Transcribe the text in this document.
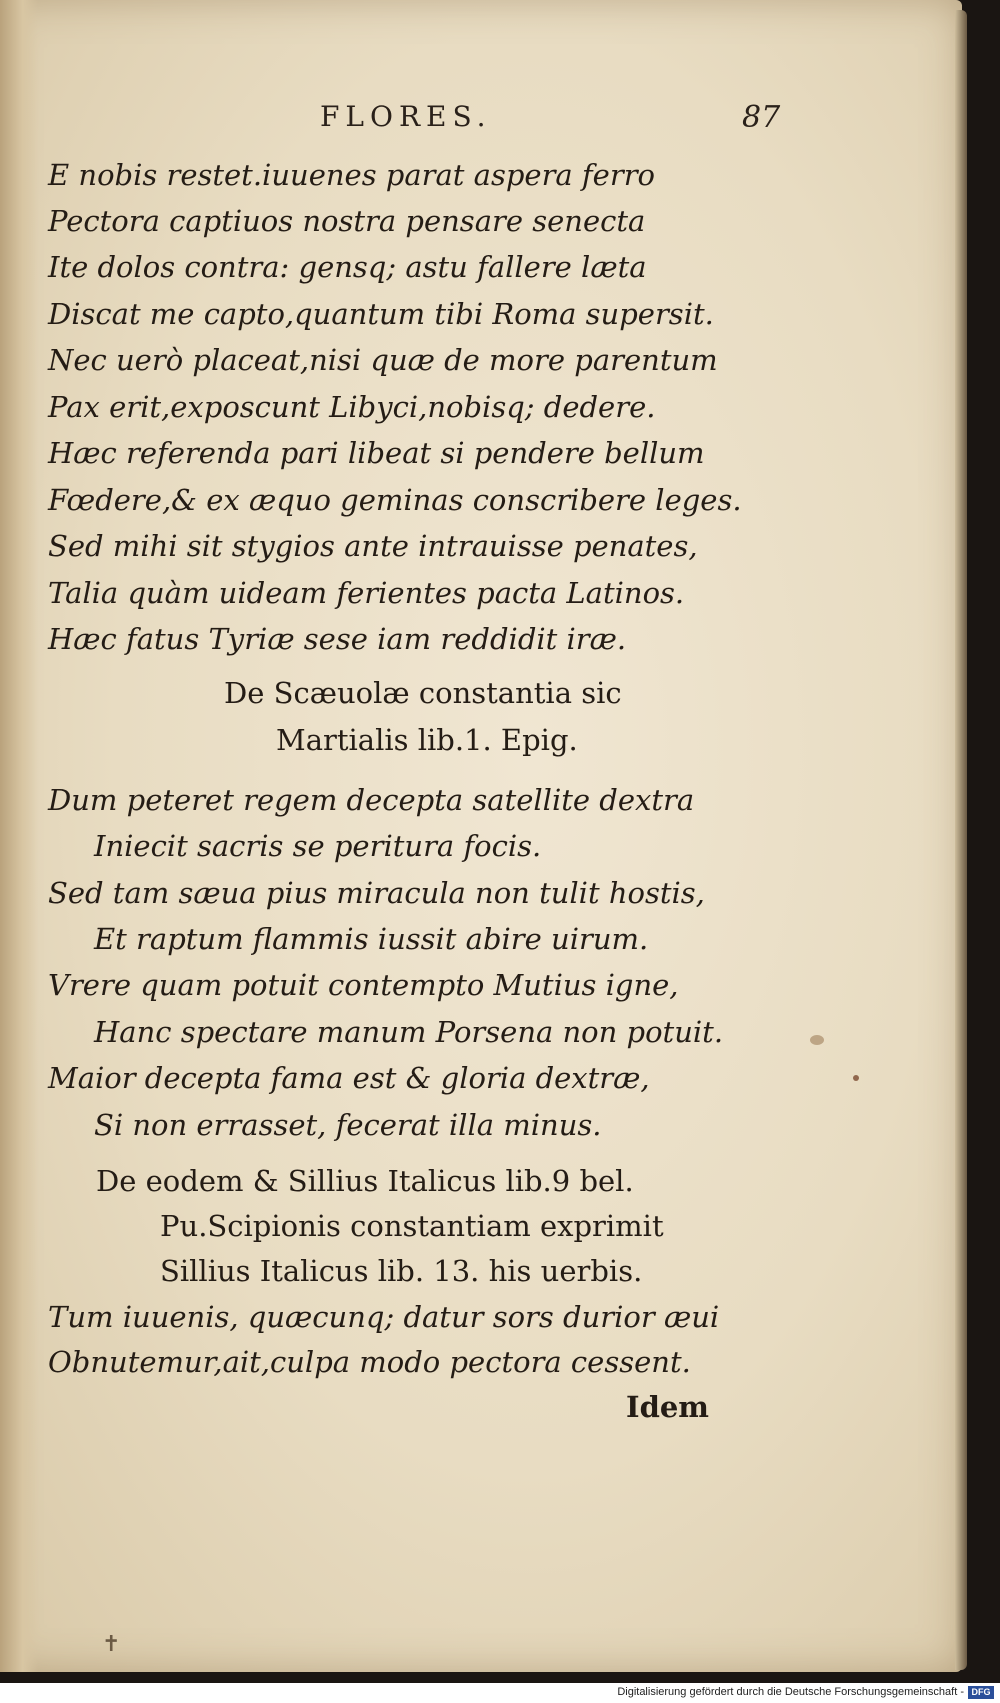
FLORES.	87
E nobis restet.iuuenes parat aspera ferro
Pectora captiuos nostra pensare senecta
Ite dolos contra: gensq; astu fallere læta
Discat me capto,quantum tibi Roma supersit.
Nec uerò placeat,nisi quæ de more parentum
Pax erit,exposcunt Libyci,nobisq; dedere.
Hæc referenda pari libeat si pendere bellum
Fœdere,& ex æquo geminas conscribere leges.
Sed mihi sit stygios ante intrauisse penates,
Talia quàm uideam ferientes pacta Latinos.
Hæc fatus Tyriæ sese iam reddidit iræ.
De Scæuolæ constantia sic
Martialis lib.1. Epig.
Dum peteret regem decepta satellite dextra
Iniecit sacris se peritura focis.
Sed tam sæua pius miracula non tulit hostis,
Et raptum flammis iussit abire uirum.
Vrere quam potuit contempto Mutius igne,
Hanc spectare manum Porsena non potuit.
Maior decepta fama est & gloria dextræ,
Si non errasset, fecerat illa minus.
De eodem & Sillius Italicus lib.9 bel.
Pu.Scipionis constantiam exprimit
Sillius Italicus lib. 13. his uerbis.
Tum iuuenis, quæcunq; datur sors durior æui
Obnutemur,ait,culpa modo pectora cessent.
Idem
✝
Digitalisierung gefördert durch die Deutsche Forschungsgemeinschaft - DFG
